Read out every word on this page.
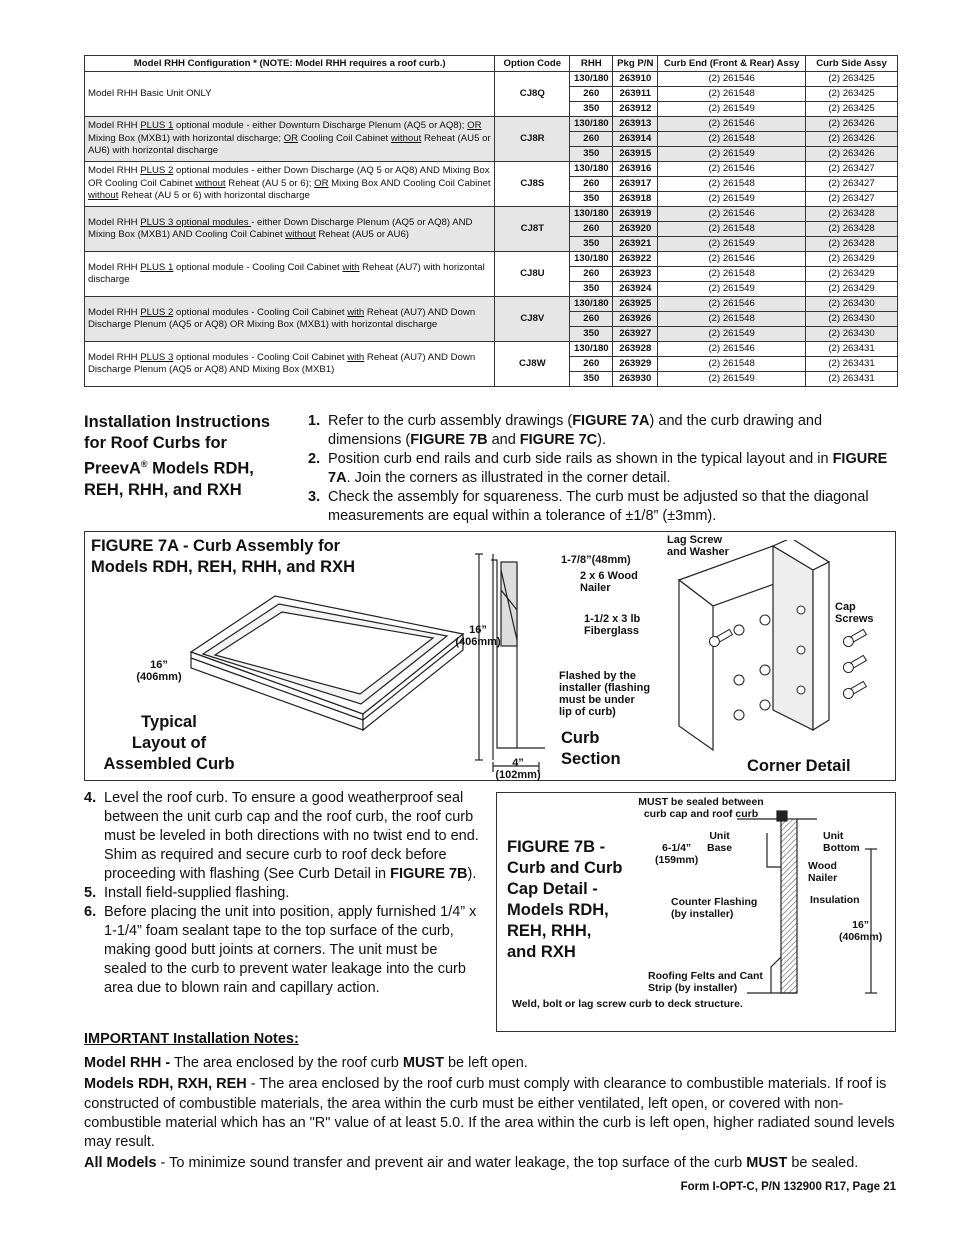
Model RHH Configuration * (NOTE: Model RHH requires a roof curb.)	Option Code	RHH	Pkg P/N	Curb End (Front & Rear) Assy	Curb Side Assy
Model RHH Basic Unit ONLY	CJ8Q	130/180	263910	(2) 261546	(2) 263425
		260	263911	(2) 261548	(2) 263425
		350	263912	(2) 261549	(2) 263425
Model RHH PLUS 1 optional module - either Downturn Discharge Plenum (AQ5 or AQ8); OR Mixing Box (MXB1) with horizontal discharge; OR Cooling Coil Cabinet without Reheat (AU5 or AU6) with horizontal discharge	CJ8R	130/180	263913	(2) 261546	(2) 263426
		260	263914	(2) 261548	(2) 263426
		350	263915	(2) 261549	(2) 263426
Model RHH PLUS 2 optional modules - either Down Discharge (AQ 5 or AQ8) AND Mixing Box OR Cooling Coil Cabinet without Reheat (AU 5 or 6); OR Mixing Box AND Cooling Coil Cabinet without Reheat (AU 5 or 6) with horizontal discharge	CJ8S	130/180	263916	(2) 261546	(2) 263427
		260	263917	(2) 261548	(2) 263427
		350	263918	(2) 261549	(2) 263427
Model RHH PLUS 3 optional modules - either Down Discharge Plenum (AQ5 or AQ8) AND Mixing Box (MXB1) AND Cooling Coil Cabinet without Reheat (AU5 or AU6)	CJ8T	130/180	263919	(2) 261546	(2) 263428
		260	263920	(2) 261548	(2) 263428
		350	263921	(2) 261549	(2) 263428
Model RHH PLUS 1 optional module - Cooling Coil Cabinet with Reheat (AU7) with horizontal discharge	CJ8U	130/180	263922	(2) 261546	(2) 263429
		260	263923	(2) 261548	(2) 263429
		350	263924	(2) 261549	(2) 263429
Model RHH PLUS 2 optional modules - Cooling Coil Cabinet with Reheat (AU7) AND Down Discharge Plenum (AQ5 or AQ8) OR Mixing Box (MXB1) with horizontal discharge	CJ8V	130/180	263925	(2) 261546	(2) 263430
		260	263926	(2) 261548	(2) 263430
		350	263927	(2) 261549	(2) 263430
Model RHH PLUS 3 optional modules - Cooling Coil Cabinet with Reheat (AU7) AND Down Discharge Plenum (AQ5 or AQ8) AND Mixing Box (MXB1)	CJ8W	130/180	263928	(2) 261546	(2) 263431
		260	263929	(2) 261548	(2) 263431
		350	263930	(2) 261549	(2) 263431
Installation Instructions
for Roof Curbs for
PreevA® Models RDH,
REH, RHH, and RXH
1. Refer to the curb assembly drawings (FIGURE 7A) and the curb drawing and dimensions (FIGURE 7B and FIGURE 7C).
2. Position curb end rails and curb side rails as shown in the typical layout and in FIGURE 7A. Join the corners as illustrated in the corner detail.
3. Check the assembly for squareness. The curb must be adjusted so that the diagonal measurements are equal within a tolerance of ±1/8” (±3mm).
FIGURE 7A - Curb Assembly for
Models RDH, REH, RHH, and RXH
16”
(406mm)
Typical
Layout of
Assembled Curb
16”
(406mm)
1-7/8”(48mm)
2 x 6 Wood
Nailer
1-1/2 x 3 lb
Fiberglass
Flashed by the
installer (flashing
must be under
lip of curb)
4”
(102mm)
Curb
Section
Lag Screw
and Washer
Cap
Screws
Corner Detail
4. Level the roof curb. To ensure a good weatherproof seal between the unit curb cap and the roof curb, the roof curb must be leveled in both directions with no twist end to end. Shim as required and secure curb to roof deck before proceeding with flashing (See Curb Detail in FIGURE 7B).
5. Install field-supplied flashing.
6. Before placing the unit into position, apply furnished 1/4” x 1-1/4” foam sealant tape to the top surface of the curb, making good butt joints at corners. The unit must be sealed to the curb to prevent water leakage into the curb area due to blown rain and capillary action.
FIGURE 7B -
Curb and Curb
Cap Detail -
Models RDH,
REH, RHH,
and RXH
MUST be sealed between
curb cap and roof curb
Unit
Base
Unit
Bottom
6-1/4”
(159mm)
Wood
Nailer
Counter Flashing
(by installer)
Insulation
16”
(406mm)
Roofing Felts and Cant
Strip (by installer)
Weld, bolt or lag screw curb to deck structure.

IMPORTANT Installation Notes:

Model RHH - The area enclosed by the roof curb MUST be left open.

Models RDH, RXH, REH - The area enclosed by the roof curb must comply with clearance to combustible materials. If roof is constructed of combustible materials, the area within the curb must be either ventilated, left open, or covered with non-combustible material which has an "R" value of at least 5.0. If the area within the curb is left open, higher radiated sound levels may result.

All Models - To minimize sound transfer and prevent air and water leakage, the top surface of the curb MUST be sealed.

Form I-OPT-C, P/N 132900 R17, Page 21
